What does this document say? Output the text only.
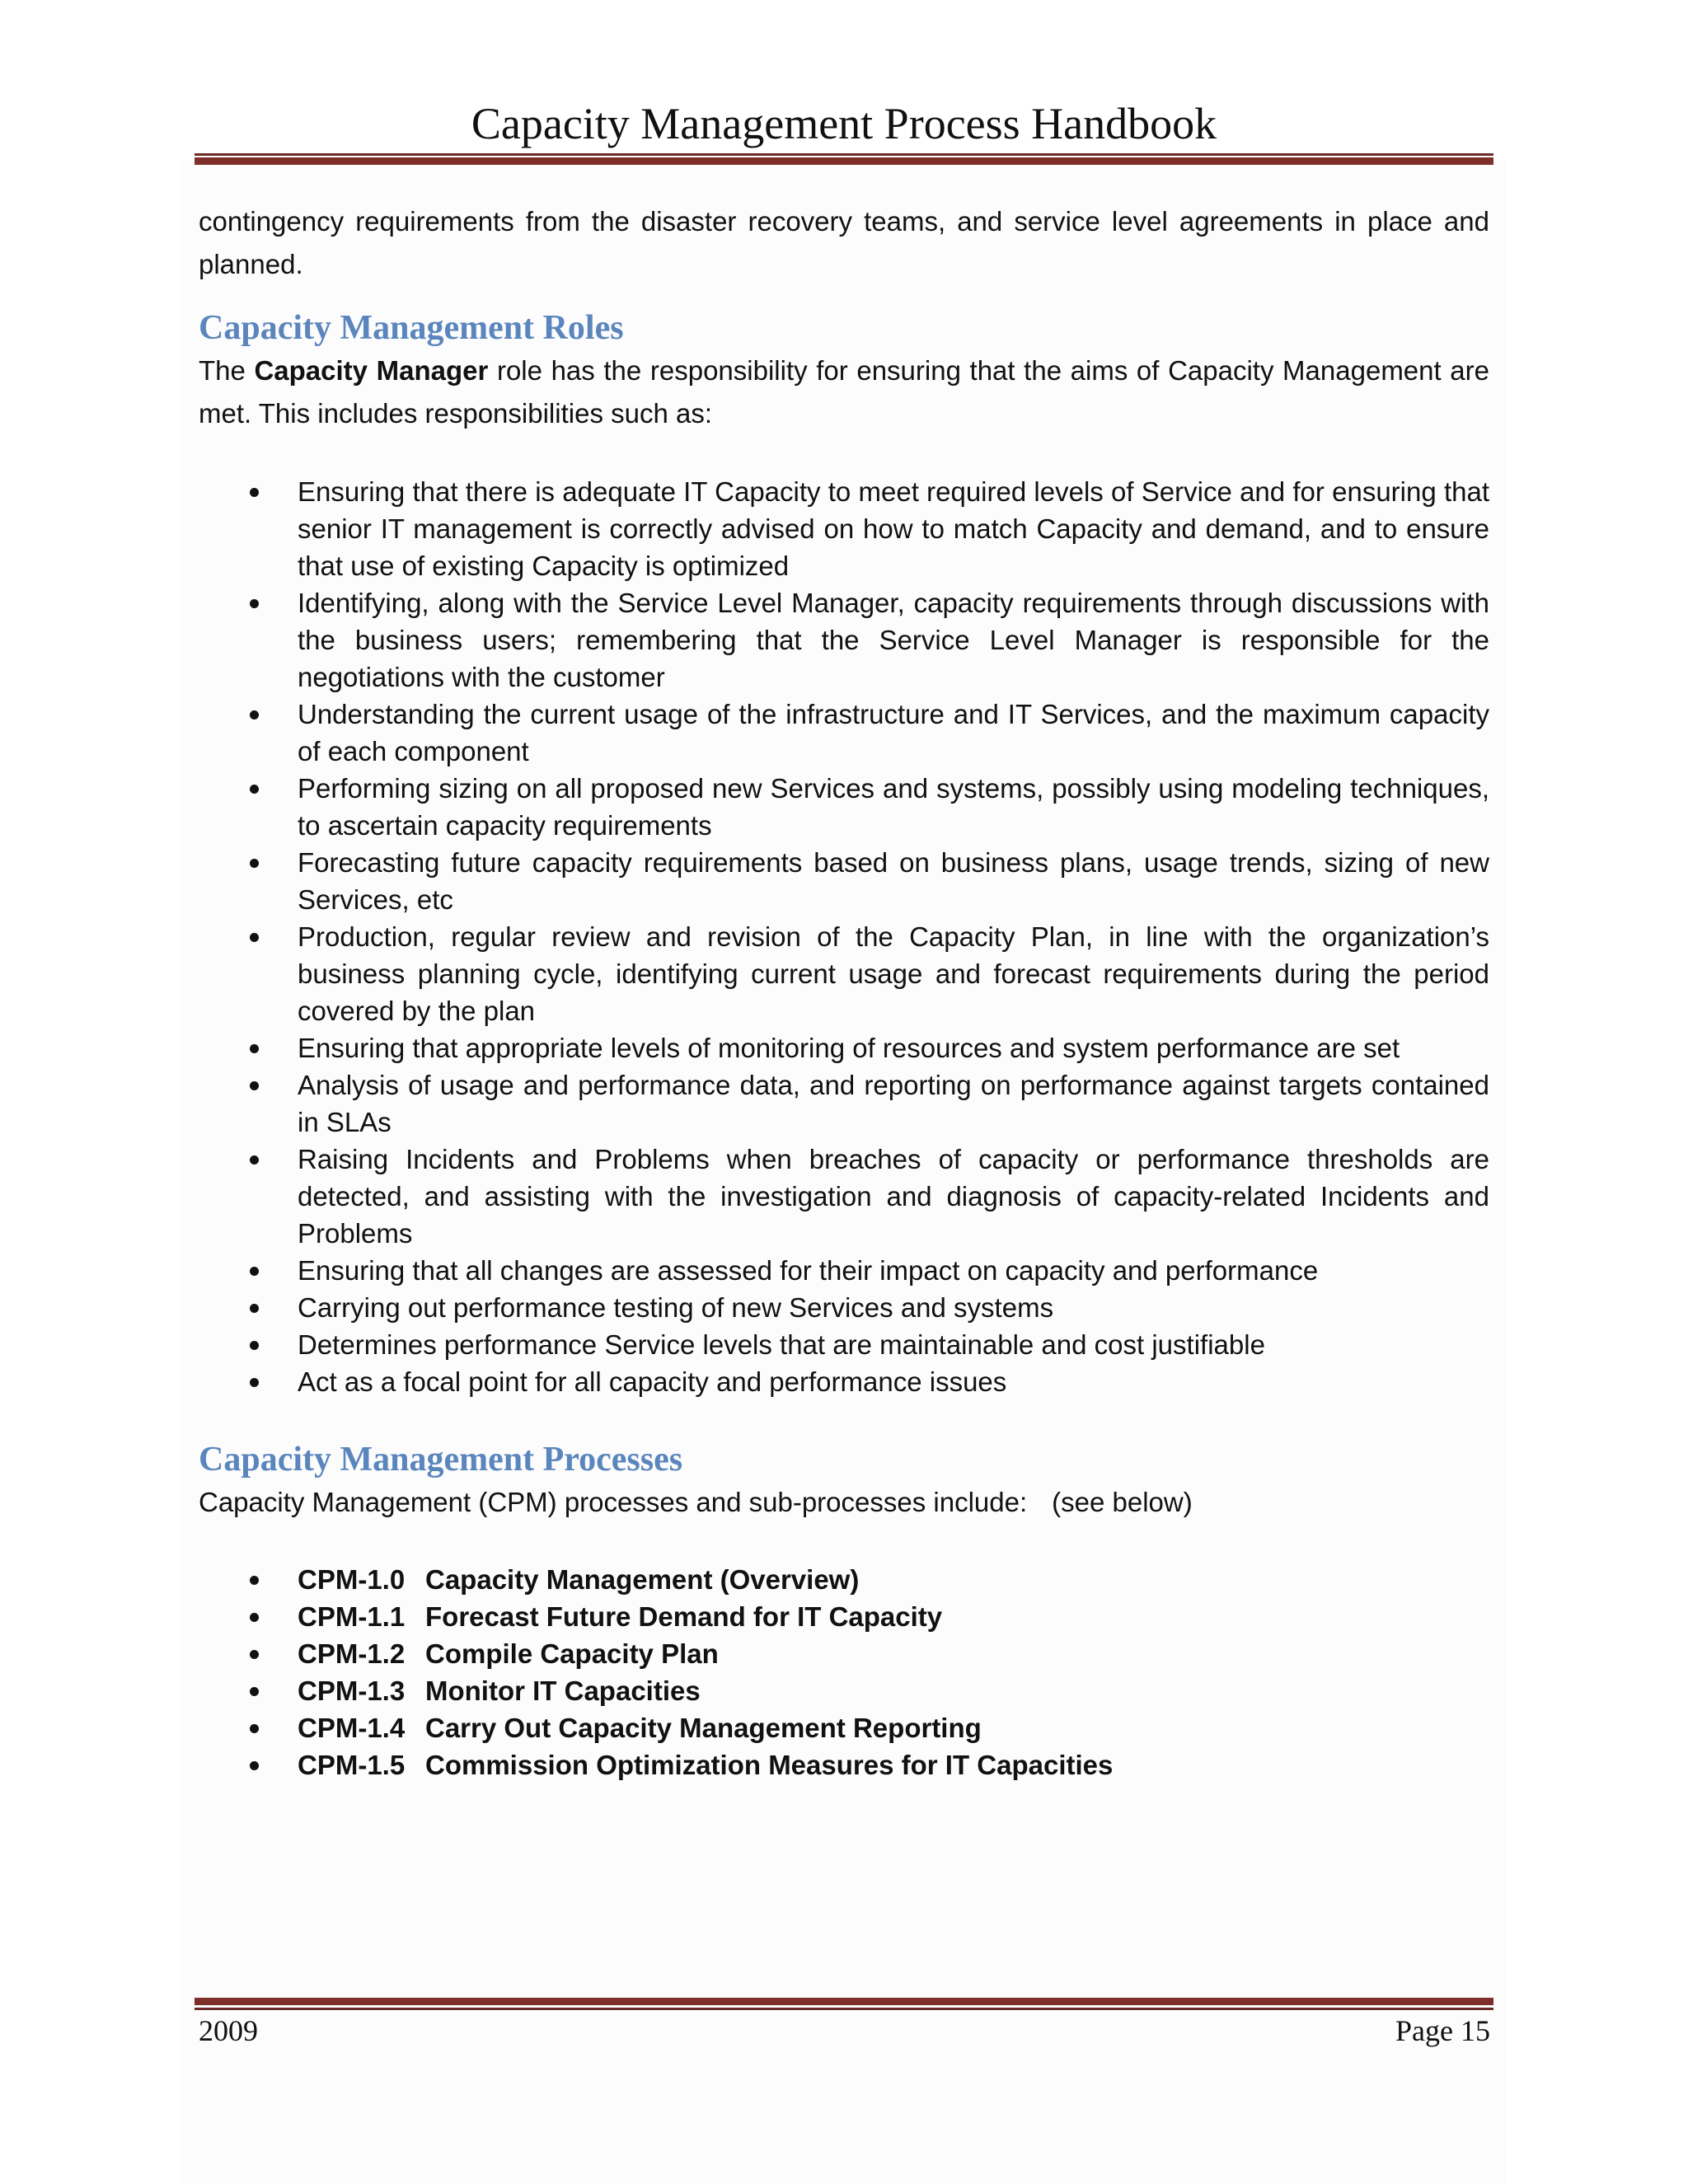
Capacity Management Process Handbook

contingency requirements from the disaster recovery teams, and service level agreements in place and planned.

Capacity Management Roles

The Capacity Manager role has the responsibility for ensuring that the aims of Capacity Management are met. This includes responsibilities such as:

Ensuring that there is adequate IT Capacity to meet required levels of Service and for ensuring that senior IT management is correctly advised on how to match Capacity and demand, and to ensure that use of existing Capacity is optimized
Identifying, along with the Service Level Manager, capacity requirements through discussions with the business users; remembering that the Service Level Manager is responsible for the negotiations with the customer
Understanding the current usage of the infrastructure and IT Services, and the maximum capacity of each component
Performing sizing on all proposed new Services and systems, possibly using modeling techniques, to ascertain capacity requirements
Forecasting future capacity requirements based on business plans, usage trends, sizing of new Services, etc
Production, regular review and revision of the Capacity Plan, in line with the organization’s business planning cycle, identifying current usage and forecast requirements during the period covered by the plan
Ensuring that appropriate levels of monitoring of resources and system performance are set
Analysis of usage and performance data, and reporting on performance against targets contained in SLAs
Raising Incidents and Problems when breaches of capacity or performance thresholds are detected, and assisting with the investigation and diagnosis of capacity-related Incidents and Problems
Ensuring that all changes are assessed for their impact on capacity and performance
Carrying out performance testing of new Services and systems
Determines performance Service levels that are maintainable and cost justifiable
Act as a focal point for all capacity and performance issues
Capacity Management Processes

Capacity Management (CPM) processes and sub-processes include: (see below)

CPM-1.0 Capacity Management (Overview)
CPM-1.1 Forecast Future Demand for IT Capacity
CPM-1.2 Compile Capacity Plan
CPM-1.3 Monitor IT Capacities
CPM-1.4 Carry Out Capacity Management Reporting
CPM-1.5 Commission Optimization Measures for IT Capacities
2009	Page 15
